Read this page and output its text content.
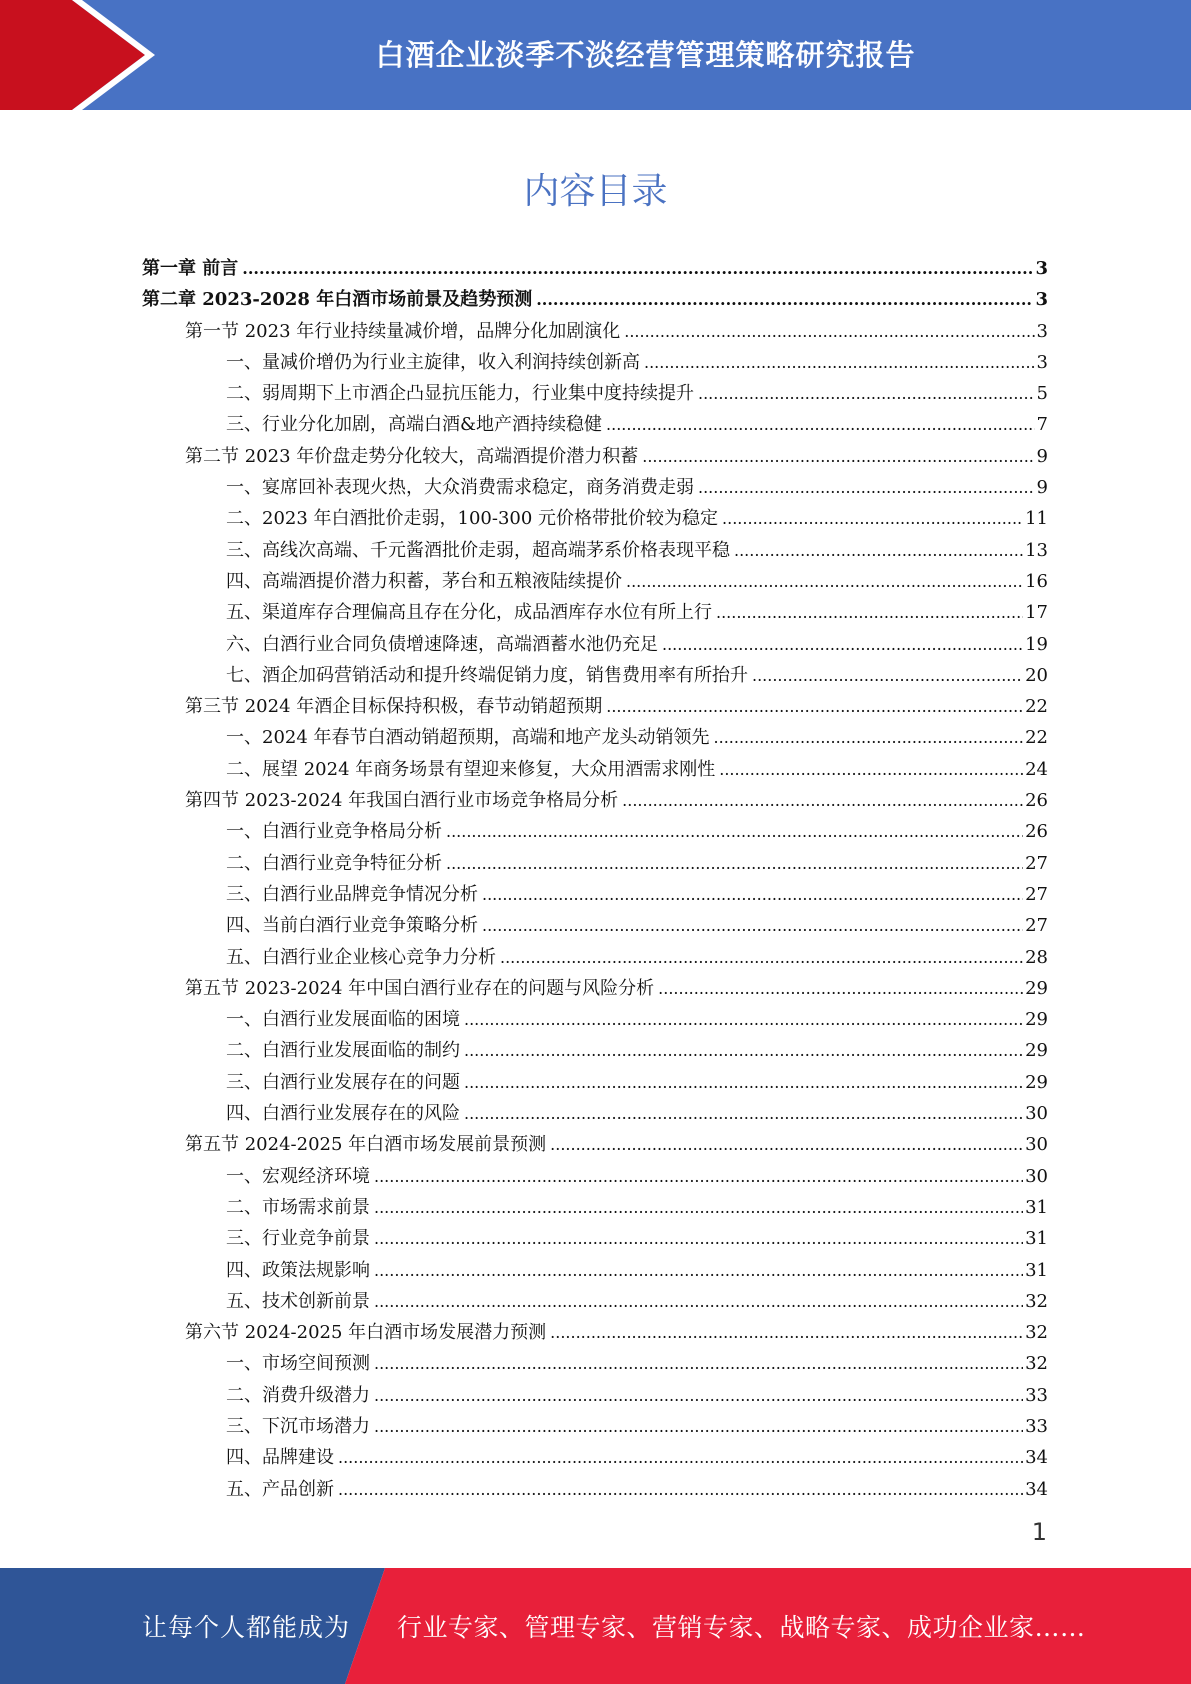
白酒企业淡季不淡经营管理策略研究报告
内容目录
第一章 前言 .....	3
第二章 2023-2028 年白酒市场前景及趋势预测 .....	3
第一节 2023 年行业持续量减价增，品牌分化加剧演化 .....	3
一、量减价增仍为行业主旋律，收入利润持续创新高 .....	3
二、弱周期下上市酒企凸显抗压能力，行业集中度持续提升 .....	5
三、行业分化加剧，高端白酒&地产酒持续稳健 .....	7
第二节 2023 年价盘走势分化较大，高端酒提价潜力积蓄 .....	9
一、宴席回补表现火热，大众消费需求稳定，商务消费走弱 .....	9
二、2023 年白酒批价走弱，100-300 元价格带批价较为稳定 .....	11
三、高线次高端、千元酱酒批价走弱，超高端茅系价格表现平稳 .....	13
四、高端酒提价潜力积蓄，茅台和五粮液陆续提价 .....	16
五、渠道库存合理偏高且存在分化，成品酒库存水位有所上行 .....	17
六、白酒行业合同负债增速降速，高端酒蓄水池仍充足 .....	19
七、酒企加码营销活动和提升终端促销力度，销售费用率有所抬升 .....	20
第三节 2024 年酒企目标保持积极，春节动销超预期 .....	22
一、2024 年春节白酒动销超预期，高端和地产龙头动销领先 .....	22
二、展望 2024 年商务场景有望迎来修复，大众用酒需求刚性 .....	24
第四节 2023-2024 年我国白酒行业市场竞争格局分析 .....	26
一、白酒行业竞争格局分析 .....	26
二、白酒行业竞争特征分析 .....	27
三、白酒行业品牌竞争情况分析 .....	27
四、当前白酒行业竞争策略分析 .....	27
五、白酒行业企业核心竞争力分析 .....	28
第五节 2023-2024 年中国白酒行业存在的问题与风险分析 .....	29
一、白酒行业发展面临的困境 .....	29
二、白酒行业发展面临的制约 .....	29
三、白酒行业发展存在的问题 .....	29
四、白酒行业发展存在的风险 .....	30
第五节 2024-2025 年白酒市场发展前景预测 .....	30
一、宏观经济环境 .....	30
二、市场需求前景 .....	31
三、行业竞争前景 .....	31
四、政策法规影响 .....	31
五、技术创新前景 .....	32
第六节 2024-2025 年白酒市场发展潜力预测 .....	32
一、市场空间预测 .....	32
二、消费升级潜力 .....	33
三、下沉市场潜力 .....	33
四、品牌建设 .....	34
五、产品创新 .....	34
1
让每个人都能成为 行业专家、管理专家、营销专家、战略专家、成功企业家……
